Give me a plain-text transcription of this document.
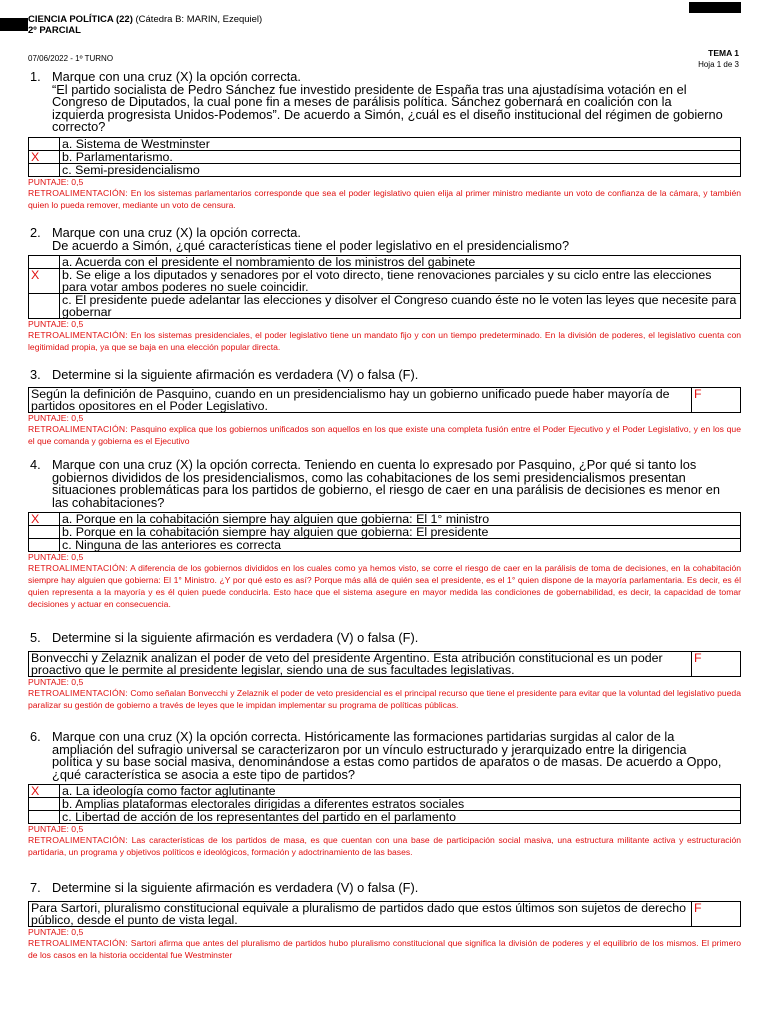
CIENCIA POLÍTICA (22) (Cátedra B: MARIN, Ezequiel)
2º PARCIAL
07/06/2022 - 1º TURNO
TEMA 1
Hoja 1 de 3
1. Marque con una cruz (X) la opción correcta.
“El partido socialista de Pedro Sánchez fue investido presidente de España tras una ajustadísima votación en el Congreso de Diputados, la cual pone fin a meses de parálisis política. Sánchez gobernará en coalición con la izquierda progresista Unidos-Podemos”. De acuerdo a Simón, ¿cuál es el diseño institucional del régimen de gobierno correcto?
	a. Sistema de Westminster
X	b. Parlamentarismo.
	c. Semi-presidencialismo
PUNTAJE: 0,5
RETROALIMENTACIÓN: En los sistemas parlamentarios corresponde que sea el poder legislativo quien elija al primer ministro mediante un voto de confianza de la cámara, y también quien lo pueda remover, mediante un voto de censura.
2. Marque con una cruz (X) la opción correcta.
De acuerdo a Simón, ¿qué características tiene el poder legislativo en el presidencialismo?
	a. Acuerda con el presidente el nombramiento de los ministros del gabinete
X	b. Se elige a los diputados y senadores por el voto directo, tiene renovaciones parciales y su ciclo entre las elecciones para votar ambos poderes no suele coincidir.
	c. El presidente puede adelantar las elecciones y disolver el Congreso cuando éste no le voten las leyes que necesite para gobernar
PUNTAJE: 0,5
RETROALIMENTACIÓN: En los sistemas presidenciales, el poder legislativo tiene un mandato fijo y con un tiempo predeterminado. En la división de poderes, el legislativo cuenta con legitimidad propia, ya que se baja en una elección popular directa.
3. Determine si la siguiente afirmación es verdadera (V) o falsa (F).
Según la definición de Pasquino, cuando en un presidencialismo hay un gobierno unificado puede haber mayoría de partidos opositores en el Poder Legislativo.	F
PUNTAJE: 0,5
RETROALIMENTACIÓN: Pasquino explica que los gobiernos unificados son aquellos en los que existe una completa fusión entre el Poder Ejecutivo y el Poder Legislativo, y en los que el que comanda y gobierna es el Ejecutivo
4. Marque con una cruz (X) la opción correcta. Teniendo en cuenta lo expresado por Pasquino, ¿Por qué si tanto los gobiernos divididos de los presidencialismos, como las cohabitaciones de los semi presidencialismos presentan situaciones problemáticas para los partidos de gobierno, el riesgo de caer en una parálisis de decisiones es menor en las cohabitaciones?
X	a. Porque en la cohabitación siempre hay alguien que gobierna: El 1° ministro
	b. Porque en la cohabitación siempre hay alguien que gobierna: El presidente
	c. Ninguna de las anteriores es correcta
PUNTAJE: 0,5
RETROALIMENTACIÓN: A diferencia de los gobiernos divididos en los cuales como ya hemos visto, se corre el riesgo de caer en la parálisis de toma de decisiones, en la cohabitación siempre hay alguien que gobierna: El 1° Ministro. ¿Y por qué esto es así? Porque más allá de quién sea el presidente, es el 1° quien dispone de la mayoría parlamentaria. Es decir, es él quien representa a la mayoría y es él quien puede conducirla. Esto hace que el sistema asegure en mayor medida las condiciones de gobernabilidad, es decir, la capacidad de tomar decisiones y actuar en consecuencia.
5. Determine si la siguiente afirmación es verdadera (V) o falsa (F).
Bonvecchi y Zelaznik analizan el poder de veto del presidente Argentino. Esta atribución constitucional es un poder proactivo que le permite al presidente legislar, siendo una de sus facultades legislativas.	F
PUNTAJE: 0,5
RETROALIMENTACIÓN: Como señalan Bonvecchi y Zelaznik el poder de veto presidencial es el principal recurso que tiene el presidente para evitar que la voluntad del legislativo pueda paralizar su gestión de gobierno a través de leyes que le impidan implementar su programa de políticas públicas.
6. Marque con una cruz (X) la opción correcta. Históricamente las formaciones partidarias surgidas al calor de la ampliación del sufragio universal se caracterizaron por un vínculo estructurado y jerarquizado entre la dirigencia política y su base social masiva, denominándose a estas como partidos de aparatos o de masas. De acuerdo a Oppo, ¿qué característica se asocia a este tipo de partidos?
X	a. La ideología como factor aglutinante
	b. Amplias plataformas electorales dirigidas a diferentes estratos sociales
	c. Libertad de acción de los representantes del partido en el parlamento
PUNTAJE: 0,5
RETROALIMENTACIÓN: Las características de los partidos de masa, es que cuentan con una base de participación social masiva, una estructura militante activa y estructuración partidaria, un programa y objetivos políticos e ideológicos, formación y adoctrinamiento de las bases.
7. Determine si la siguiente afirmación es verdadera (V) o falsa (F).
Para Sartori, pluralismo constitucional equivale a pluralismo de partidos dado que estos últimos son sujetos de derecho público, desde el punto de vista legal.	F
PUNTAJE: 0,5
RETROALIMENTACIÓN: Sartori afirma que antes del pluralismo de partidos hubo pluralismo constitucional que significa la división de poderes y el equilibrio de los mismos. El primero de los casos en la historia occidental fue Westminster
